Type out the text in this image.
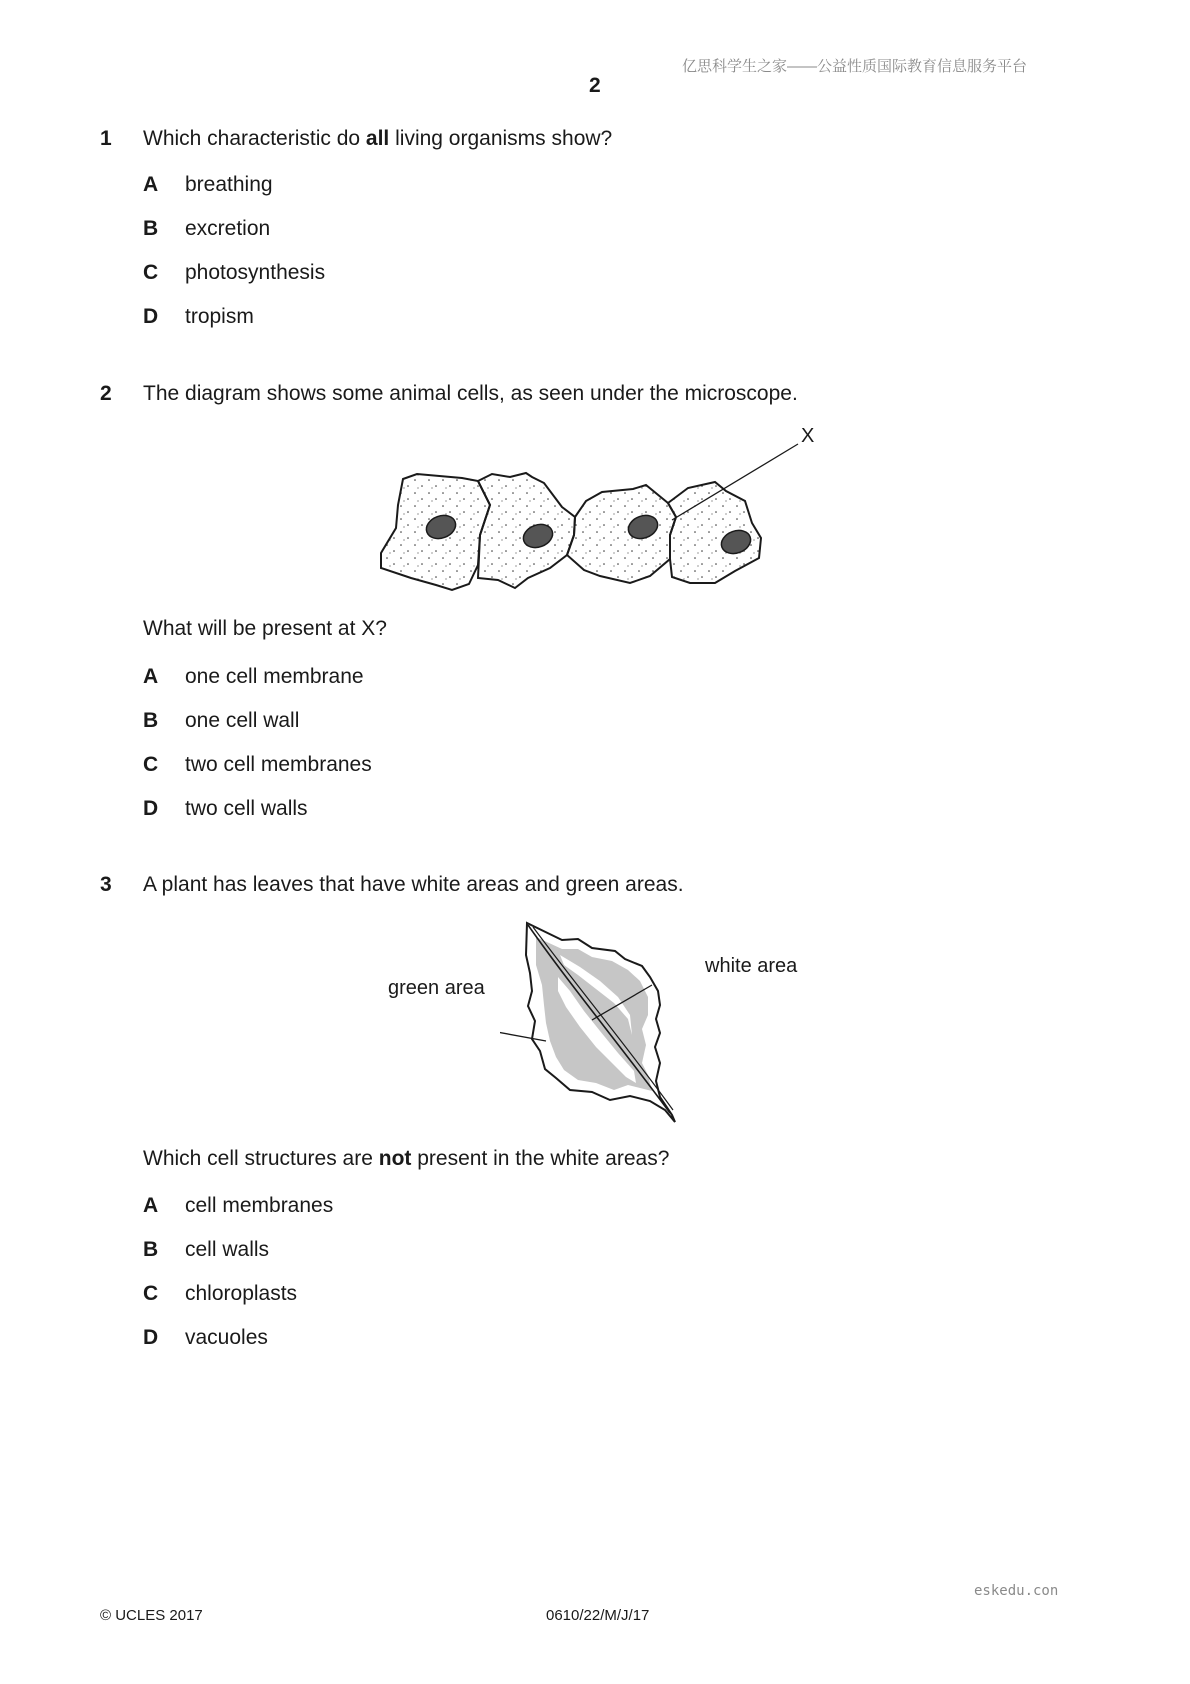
亿思科学生之家——公益性质国际教育信息服务平台
2
1 Which characteristic do all living organisms show?
A breathing
B excretion
C photosynthesis
D tropism
2 The diagram shows some animal cells, as seen under the microscope.
X
What will be present at X?
A one cell membrane
B one cell wall
C two cell membranes
D two cell walls
3 A plant has leaves that have white areas and green areas.
green area
white area
Which cell structures are not present in the white areas?
A cell membranes
B cell walls
C chloroplasts
D vacuoles
eskedu.con
© UCLES 2017	0610/22/M/J/17
